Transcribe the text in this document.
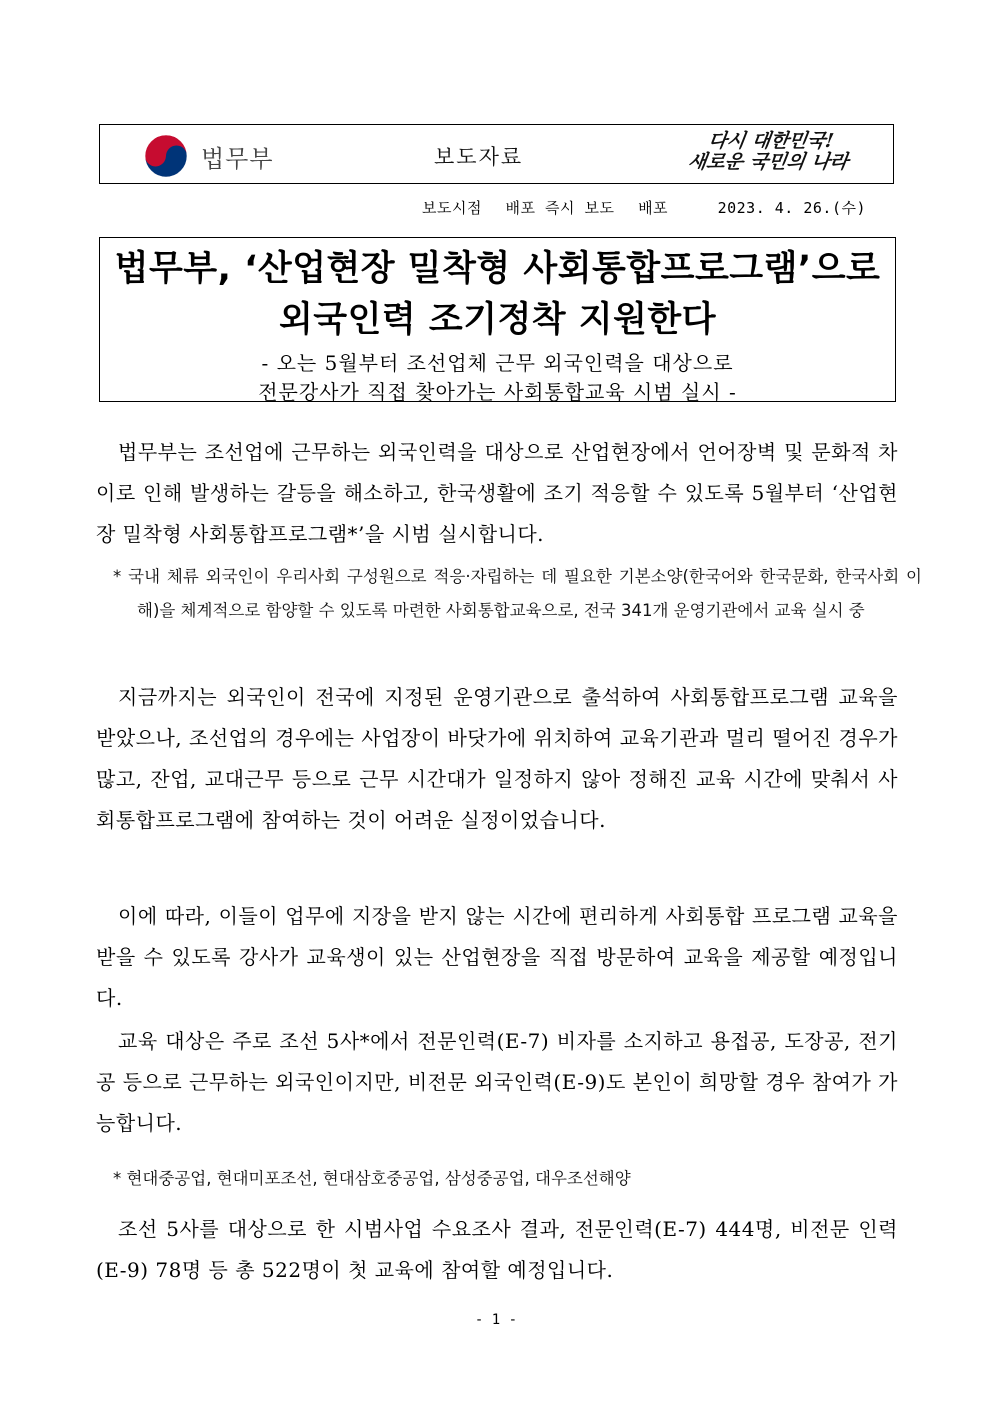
법무부	보도자료
다시 대한민국!
새로운 국민의 나라
보도시점 배포 즉시 보도 배포	2023. 4. 26.(수)
법무부, ‘산업현장 밀착형 사회통합프로그램’으로
외국인력 조기정착 지원한다
- 오는 5월부터 조선업체 근무 외국인력을 대상으로
전문강사가 직접 찾아가는 사회통합교육 시범 실시 -

법무부는 조선업에 근무하는 외국인력을 대상으로 산업현장에서 언어장벽 및 문화적 차이로 인해 발생하는 갈등을 해소하고, 한국생활에 조기 적응할 수 있도록 5월부터 ‘산업현장 밀착형 사회통합프로그램*’을 시범 실시합니다.

* 국내 체류 외국인이 우리사회 구성원으로 적응·자립하는 데 필요한 기본소양(한국어와 한국문화, 한국사회 이해)을 체계적으로 함양할 수 있도록 마련한 사회통합교육으로, 전국 341개 운영기관에서 교육 실시 중

지금까지는 외국인이 전국에 지정된 운영기관으로 출석하여 사회통합프로그램 교육을 받았으나, 조선업의 경우에는 사업장이 바닷가에 위치하여 교육기관과 멀리 떨어진 경우가 많고, 잔업, 교대근무 등으로 근무 시간대가 일정하지 않아 정해진 교육 시간에 맞춰서 사회통합프로그램에 참여하는 것이 어려운 실정이었습니다.

이에 따라, 이들이 업무에 지장을 받지 않는 시간에 편리하게 사회통합 프로그램 교육을 받을 수 있도록 강사가 교육생이 있는 산업현장을 직접 방문하여 교육을 제공할 예정입니다.

교육 대상은 주로 조선 5사*에서 전문인력(E-7) 비자를 소지하고 용접공, 도장공, 전기공 등으로 근무하는 외국인이지만, 비전문 외국인력(E-9)도 본인이 희망할 경우 참여가 가능합니다.

* 현대중공업, 현대미포조선, 현대삼호중공업, 삼성중공업, 대우조선해양

조선 5사를 대상으로 한 시범사업 수요조사 결과, 전문인력(E-7) 444명, 비전문 인력(E-9) 78명 등 총 522명이 첫 교육에 참여할 예정입니다.

- 1 -
